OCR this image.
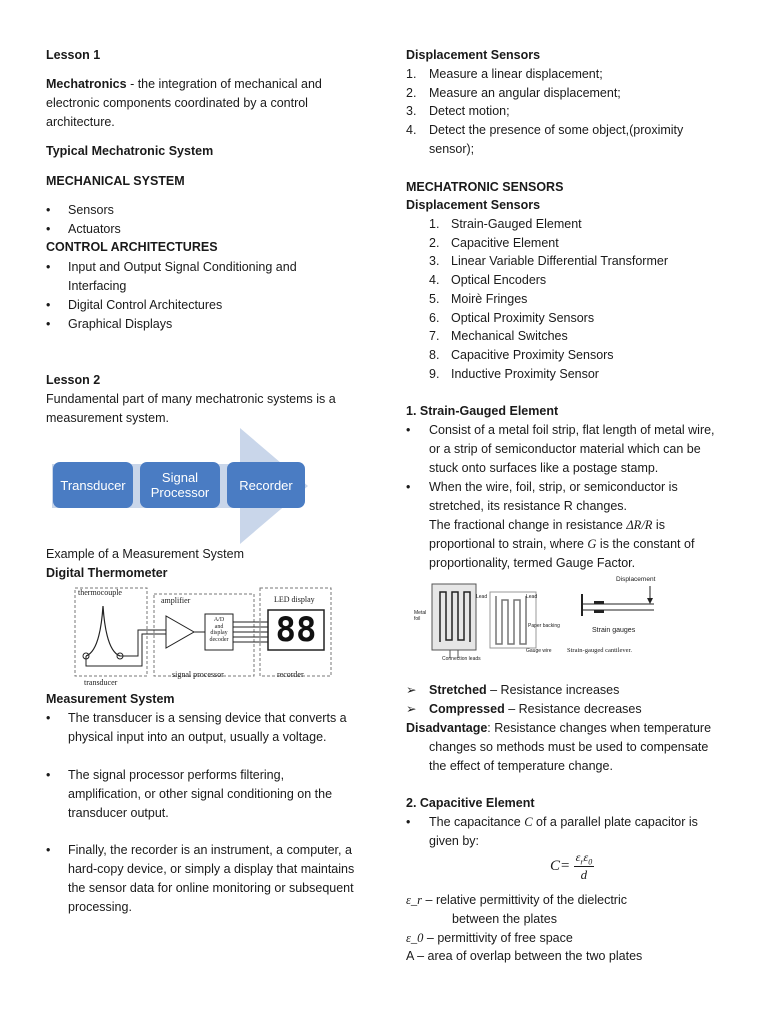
Lesson 1
Mechatronics - the integration of mechanical and
electronic components coordinated by a control
architecture.
Typical Mechatronic System
MECHANICAL SYSTEM
• Sensors
• Actuators
CONTROL ARCHITECTURES
• Input and Output Signal Conditioning and
Interfacing
• Digital Control Architectures
• Graphical Displays
Lesson 2
Fundamental part of many mechatronic systems is a
measurement system.
Transducer	Signal
Processor	Recorder
Example of a Measurement System
Digital Thermometer
thermocouple
amplifier
A/D
and
display
decoder
LED display
88
transducer
signal processor	recorder
Measurement System
• The transducer is a sensing device that converts a
physical input into an output, usually a voltage.
• The signal processor performs filtering,
amplification, or other signal conditioning on the
transducer output.
• Finally, the recorder is an instrument, a computer, a
hard-copy device, or simply a display that maintains
the sensor data for online monitoring or subsequent
processing.
Displacement Sensors
1. Measure a linear displacement;
2. Measure an angular displacement;
3. Detect motion;
4. Detect the presence of some object,(proximity
sensor);
MECHATRONIC SENSORS
Displacement Sensors
1. Strain-Gauged Element
2. Capacitive Element
3. Linear Variable Differential Transformer
4. Optical Encoders
5. Moirè Fringes
6. Optical Proximity Sensors
7. Mechanical Switches
8. Capacitive Proximity Sensors
9. Inductive Proximity Sensor
1. Strain-Gauged Element
• Consist of a metal foil strip, flat length of metal wire,
or a strip of semiconductor material which can be
stuck onto surfaces like a postage stamp.
• When the wire, foil, strip, or semiconductor is
stretched, its resistance R changes.
The fractional change in resistance ΔR/R is
proportional to strain, where G is the constant of
proportionality, termed Gauge Factor.
Metal
foil
Lead	Lead
Paper backing
Connection leads
Gauge wire
Displacement
Strain gauges
Strain-gauged cantilever.
➢ Stretched – Resistance increases
➢ Compressed – Resistance decreases
Disadvantage: Resistance changes when temperature
changes so methods must be used to compensate
the effect of temperature change.
2. Capacitive Element
• The capacitance C of a parallel plate capacitor is
given by:
$C= \frac{\varepsilon_r\varepsilon_0}{d}$
ε_r – relative permittivity of the dielectric
between the plates
ε_0 – permittivity of free space
A – area of overlap between the two plates
